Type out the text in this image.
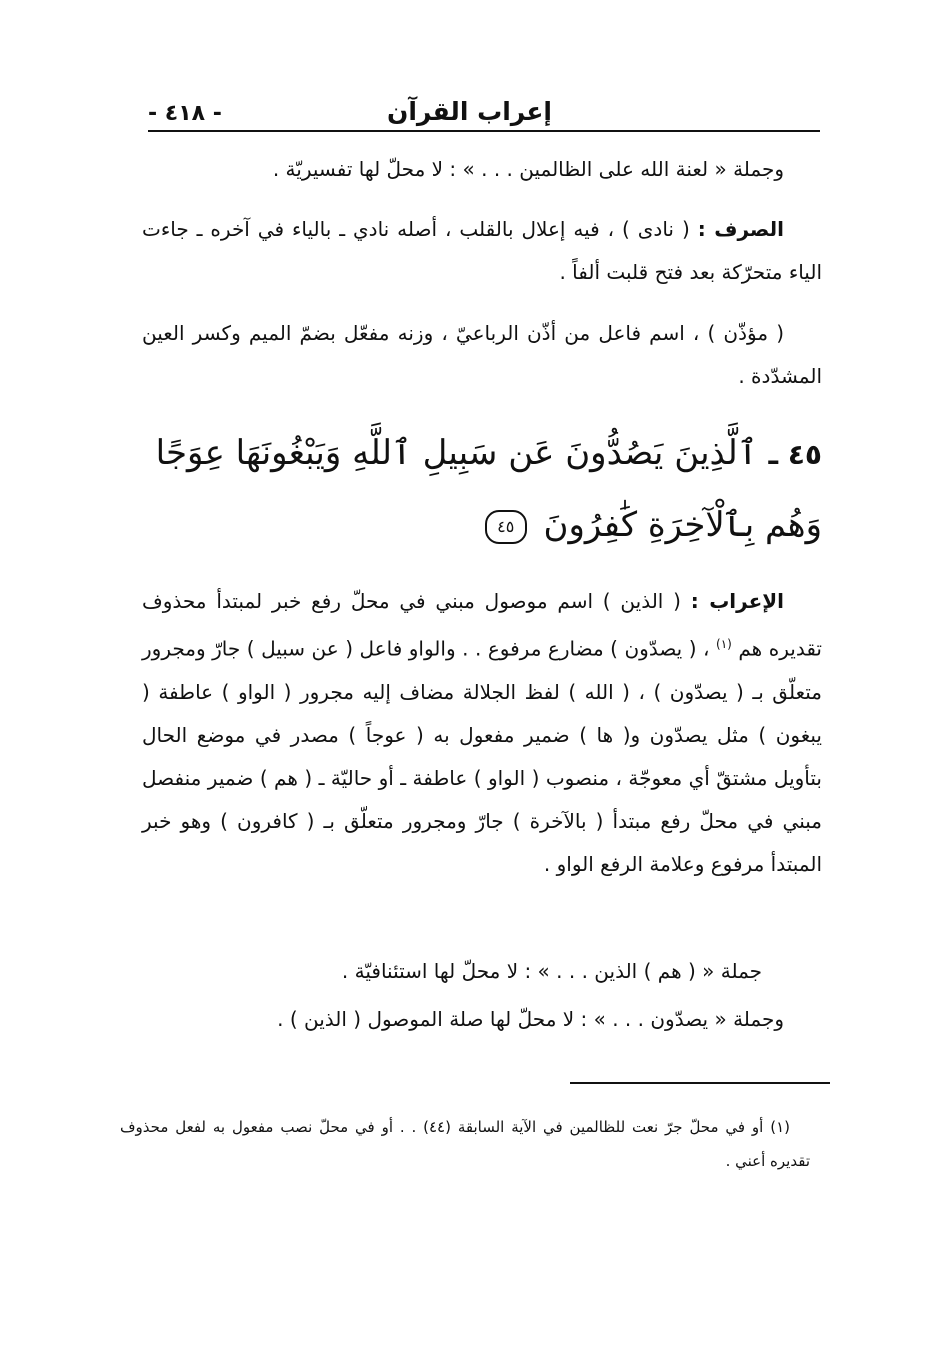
إعراب القرآن
- ٤١٨ -

وجملة « لعنة الله على الظالمين . . . » : لا محلّ لها تفسيريّة .

الصرف : ( نادى ) ، فيه إعلال بالقلب ، أصله نادي ـ بالياء في آخره ـ جاءت الياء متحرّكة بعد فتح قلبت ألفاً .

( مؤذّن ) ، اسم فاعل من أذّن الرباعيّ ، وزنه مفعّل بضمّ الميم وكسر العين المشدّدة .

٤٥ ـ ٱلَّذِينَ يَصُدُّونَ عَن سَبِيلِ ٱللَّهِ وَيَبْغُونَهَا عِوَجًا وَهُم بِٱلْآخِرَةِ كَٰفِرُونَ ٤٥

الإعراب : ( الذين ) اسم موصول مبني في محلّ رفع خبر لمبتدأ محذوف تقديره هم $^{(١)}$ ، ( يصدّون ) مضارع مرفوع . . والواو فاعل ( عن سبيل ) جارّ ومجرور متعلّق بـ ( يصدّون ) ، ( الله ) لفظ الجلالة مضاف إليه مجرور ( الواو ) عاطفة ( يبغون ) مثل يصدّون و( ها ) ضمير مفعول به ( عوجاً ) مصدر في موضع الحال بتأويل مشتقّ أي معوجّة ، منصوب ( الواو ) عاطفة ـ أو حاليّة ـ ( هم ) ضمير منفصل مبني في محلّ رفع مبتدأ ( بالآخرة ) جارّ ومجرور متعلّق بـ ( كافرون ) وهو خبر المبتدأ مرفوع وعلامة الرفع الواو .

جملة « ( هم ) الذين . . . » : لا محلّ لها استئنافيّة .

وجملة « يصدّون . . . » : لا محلّ لها صلة الموصول ( الذين ) .

(١) أو في محلّ جرّ نعت للظالمين في الآية السابقة (٤٤) . . أو في محلّ نصب مفعول به لفعل محذوف تقديره أعني .
